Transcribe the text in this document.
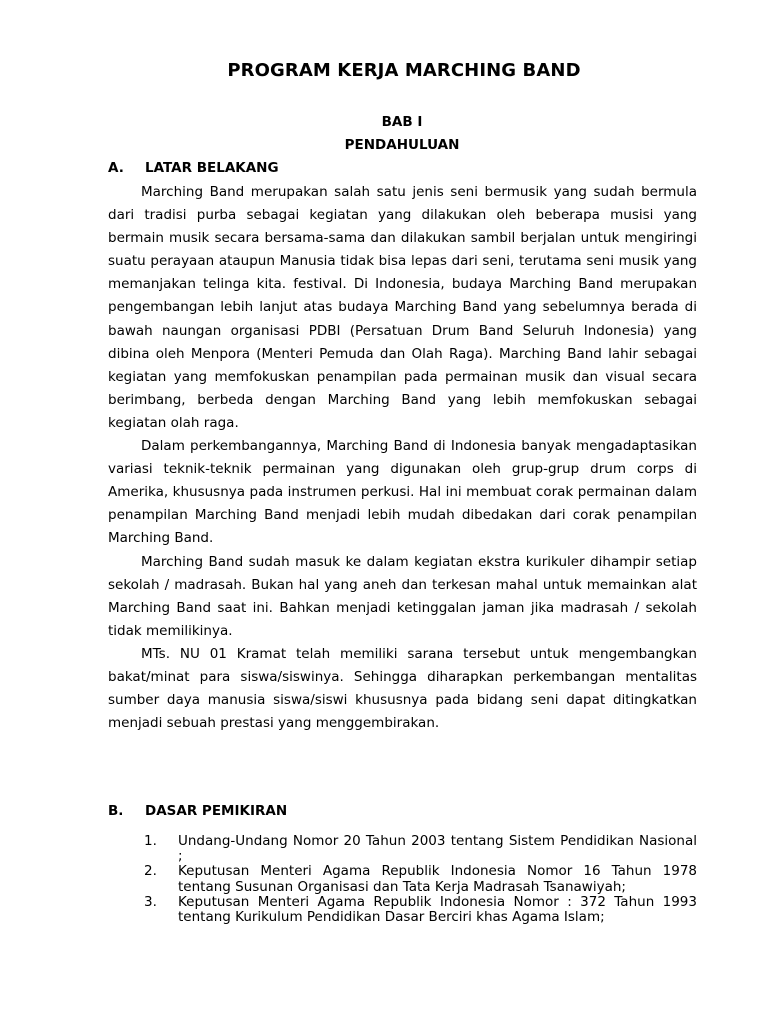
PROGRAM KERJA MARCHING BAND
BAB I
PENDAHULUAN
A. LATAR BELAKANG

Marching Band merupakan salah satu jenis seni bermusik yang sudah bermula dari tradisi purba sebagai kegiatan yang dilakukan oleh beberapa musisi yang bermain musik secara bersama-sama dan dilakukan sambil berjalan untuk mengiringi suatu perayaan ataupun Manusia tidak bisa lepas dari seni, terutama seni musik yang memanjakan telinga kita. festival. Di Indonesia, budaya Marching Band merupakan pengembangan lebih lanjut atas budaya Marching Band yang sebelumnya berada di bawah naungan organisasi PDBI (Persatuan Drum Band Seluruh Indonesia) yang dibina oleh Menpora (Menteri Pemuda dan Olah Raga). Marching Band lahir sebagai kegiatan yang memfokuskan penampilan pada permainan musik dan visual secara berimbang, berbeda dengan Marching Band yang lebih memfokuskan sebagai kegiatan olah raga.

Dalam perkembangannya, Marching Band di Indonesia banyak mengadaptasikan variasi teknik-teknik permainan yang digunakan oleh grup-grup drum corps di Amerika, khususnya pada instrumen perkusi. Hal ini membuat corak permainan dalam penampilan Marching Band menjadi lebih mudah dibedakan dari corak penampilan Marching Band.

Marching Band sudah masuk ke dalam kegiatan ekstra kurikuler dihampir setiap sekolah / madrasah. Bukan hal yang aneh dan terkesan mahal untuk memainkan alat Marching Band saat ini. Bahkan menjadi ketinggalan jaman jika madrasah / sekolah tidak memilikinya.

MTs. NU 01 Kramat telah memiliki sarana tersebut untuk mengembangkan bakat/minat para siswa/siswinya. Sehingga diharapkan perkembangan mentalitas sumber daya manusia siswa/siswi khususnya pada bidang seni dapat ditingkatkan menjadi sebuah prestasi yang menggembirakan.

B. DASAR PEMIKIRAN
1.	Undang-Undang Nomor 20 Tahun 2003 tentang Sistem Pendidikan Nasional ;
2.	Keputusan Menteri Agama Republik Indonesia Nomor 16 Tahun 1978 tentang Susunan Organisasi dan Tata Kerja Madrasah Tsanawiyah;
3.	Keputusan Menteri Agama Republik Indonesia Nomor : 372 Tahun 1993 tentang Kurikulum Pendidikan Dasar Berciri khas Agama Islam;
